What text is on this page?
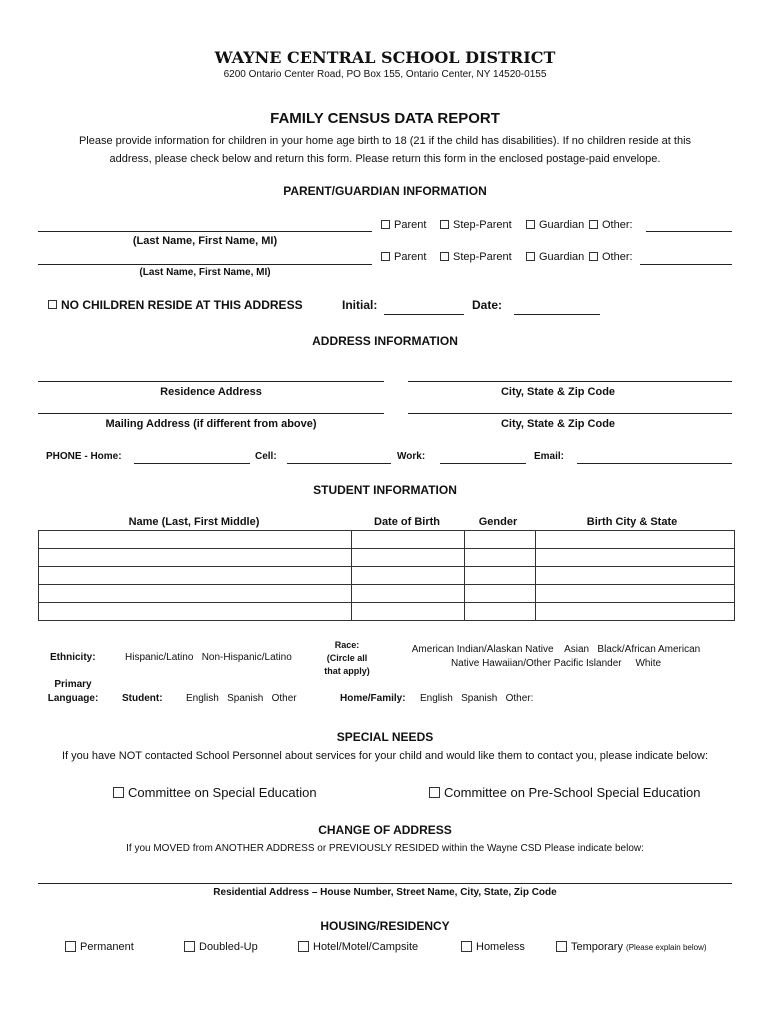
WAYNE CENTRAL SCHOOL DISTRICT
6200 Ontario Center Road, PO Box 155, Ontario Center, NY 14520-0155
FAMILY CENSUS DATA REPORT
Please provide information for children in your home age birth to 18 (21 if the child has disabilities). If no children reside at this
address, please check below and return this form. Please return this form in the enclosed postage-paid envelope.
PARENT/GUARDIAN INFORMATION
(Last Name, First Name, MI)
Parent	Step-Parent	Guardian	Other:
(Last Name, First Name, MI)
Parent	Step-Parent	Guardian	Other:
NO CHILDREN RESIDE AT THIS ADDRESS	Initial:	Date:
ADDRESS INFORMATION
Residence Address	City, State & Zip Code
Mailing Address (if different from above)	City, State & Zip Code
PHONE - Home:	Cell:	Work:	Email:
STUDENT INFORMATION
Name (Last, First Middle)	Date of Birth	Gender	Birth City & State

Ethnicity:	Hispanic/Latino   Non-Hispanic/Latino
Race:
(Circle all
that apply)
American Indian/Alaskan Native    Asian   Black/African American
Native Hawaiian/Other Pacific Islander     White
Primary
Language:	Student: English   Spanish   Other	Home/Family: English   Spanish   Other:
SPECIAL NEEDS
If you have NOT contacted School Personnel about services for your child and would like them to contact you, please indicate below:
Committee on Special Education	Committee on Pre-School Special Education
CHANGE OF ADDRESS
If you MOVED from ANOTHER ADDRESS or PREVIOUSLY RESIDED within the Wayne CSD Please indicate below:
Residential Address – House Number, Street Name, City, State, Zip Code
HOUSING/RESIDENCY
Permanent	Doubled-Up	Hotel/Motel/Campsite	Homeless	Temporary (Please explain below)
